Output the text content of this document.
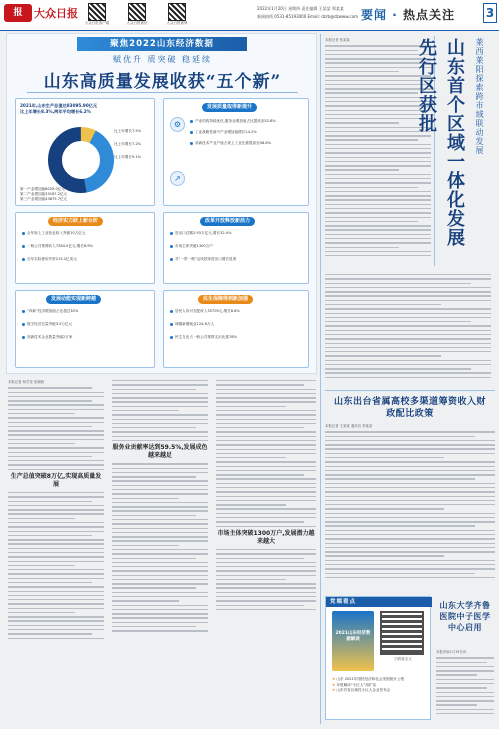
报	大众日报
大众日报客户端	大众日报微信	大众日报微博
2022年1月20日 星期四 责任编辑 王某某 郑某某
新闻热线 0531-85193000 Email: dzrb@dzwww.com 要闻 · 热点关注	3
聚焦2022山东经济数据
赋优升 质突破 稳延续
山东高质量发展收获“五个新”
2021年,山东生产总值达83095.90亿元
比上年增长8.3%,两年平均增长6.2%
比上年增长7.5%
比上年增长7.2%
比上年增长9.1%
第一产业增加值6029.0亿元
第二产业增加值33187.2亿元
第三产业增加值43879.7亿元
发展质量取得新提升
⚙	产业结构持续优化,服务业增加值占比提高至52.8%
工业战略性新兴产业增加值增长14.2%
高新技术产业产值占规上工业比重提高至46.8%
↗
经济实力跃上新台阶
全年规上工业营业收入突破10万亿元
一般公共预算收入7284.5亿元,增长8.9%
全年实际使用外资215.2亿美元
改革开放释放新活力
进出口总额2.93万亿元,增长32.4%
市场主体突破1300万户
对“一带一路”沿线国家进出口增长显著
发展动能实现新跨越
“四新”经济增加值占比超过30%
数字经济总量突破3.5万亿元
高新技术企业数量突破2万家
民生保障得到新加强
居民人均可支配收入35705元,增长8.6%
城镇新增就业124.6万人
民生支出占一般公共预算支出比重78%
本报记者 杨学莹 张晓帆
生产总值突破8万亿,实现高质量发展
服务业贡献率达到59.5%,发展成色越来越足
市场主体突破1300万户,发展潜力越来越大
本报记者 张某某	山东首个区域一体化发展先行区获批	莱西莱阳探索跨市域联动发展
山东出台省属高校多渠道筹资收入财政配比政策
本报记者 王某某 通讯员 李某某
党端看点
2021山东经济数据解读
扫码看全文
★ 山东 2021年国民经济和社会发展统计公报
★ 年报解读“小巨人”再扩容
★ 山东共有区域性小巨人企业发布会
山东大学齐鲁医院中子医学中心启用
本报济南1月19日讯
